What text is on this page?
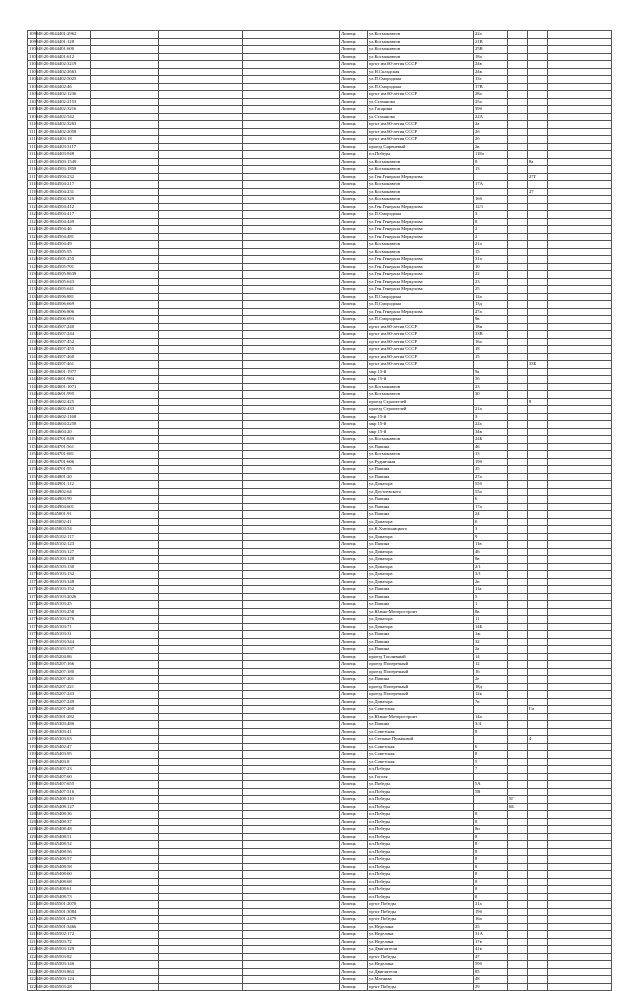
1098	48:20:0044401:2962				Липецк	ул.Космонавтов	22а			
1099	48:20:0044401:128				Липецк	ул.Космонавтов	21В			
1100	48:20:0044401:600				Липецк	ул.Космонавтов	25В			
1101	48:20:0044401:612				Липецк	ул.Космонавтов	18а			
1102	48:20:0044402:3219				Липецк	пр-кт им.60-летия СССР	24в			
1103	48:20:0044402:2663				Липецк	ул.Н.Складская	24в			
1104	48:20:0044402:5025				Липецк	ул.П.Смородина	13з			
1105	48:20:0044402:46				Липецк	ул.П.Смородина	17В			
1106	48:20:0044402:1236				Липецк	пр-кт им.60-летия СССР	28а			
1107	48:20:0044402:2153				Липецк	ул.Стаханова	25а			
1108	48:20:0044402:3216				Липецк	ул.Гагарина	39б			
1109	48:20:0044402:542				Липецк	ул.Стаханова	22А			
1110	48:20:0044402:3263				Липецк	пр-кт им.60-летия СССР	2а			
1111	48:20:0044402:2058				Липецк	пр-кт им.60-летия СССР	2б			
1112	48:20:0044403:18				Липецк	пр-кт им.60-летия СССР	2б			
1113	48:20:0044403:3117				Липецк	проезд Сиреневый	2в			
1114	48:20:0044403:948				Липецк	пл.Победы	118а			
1115	48:20:0044503:1549				Липецк	ул.Космонавтов	8		8а	
1116	48:20:0044503:1858				Липецк	ул.Космонавтов	13			
1117	48:20:0044504:232				Липецк	ул.Ген.Генерала Меркулова			27Г	
1118	48:20:0044504:217				Липецк	ул.Космонавтов	17А			
1119	48:20:0044504:231				Липецк	ул.Космонавтов			27	
1120	48:20:0044504:329				Липецк	ул.Космонавтов	16б			
1121	48:20:0044504:412				Липецк	ул.Ген.Генерала Меркулова	12/1			
1122	48:20:0044504:417				Липецк	ул.П.Смородина	3			
1123	48:20:0044504:449				Липецк	ул.Ген.Генерала Меркулова	8			
1124	48:20:0044504:46				Липецк	ул.Ген.Генерала Меркулова	2			
1125	48:20:0044504:481				Липецк	ул.Ген.Генерала Меркулова	2			
1126	48:20:0044504:49				Липецк	ул.Космонавтов	21а			
1127	48:20:0044505:55				Липецк	ул.Космонавтов	15			
1128	48:20:0044505:255				Липецк	ул.Ген.Генерала Меркулова	31а			
1129	48:20:0044505:701				Липецк	ул.Ген.Генерала Меркулова	10			
1130	48:20:0044505:8639				Липецк	ул.Ген.Генерала Меркулова	22			
1131	48:20:0044505:643				Липецк	ул.Ген.Генерала Меркулова	23			
1132	48:20:0044505:641				Липецк	ул.Ген.Генерала Меркулова	25			
1133	48:20:0044506:881				Липецк	ул.П.Смородина	12а			
1134	48:20:0044506:669				Липецк	ул.П.Смородина	13д			
1135	48:20:0044506:806				Липецк	ул.Ген.Генерала Меркулова	27а			
1136	48:20:0044506:693				Липецк	ул.П.Смородина	9в			
1137	48:20:0044507:240				Липецк	пр-кт им.60-летия СССР	18и			
1138	48:20:0044507:244				Липецк	пр-кт им.60-летия СССР	33В			
1139	48:20:0044507:452				Липецк	пр-кт им.60-летия СССР	16а			
1140	48:20:0044507:455				Липецк	пр-кт им.60-летия СССР	18			
1141	48:20:0044507:460				Липецк	пр-кт им.60-летия СССР	15			
1142	48:20:0044507:461				Липецк	пр-кт им.60-летия СССР			33Б	
1143	48:20:0044601:1977				Липецк	мкр 15-й	9а			
1144	48:20:0044601:984				Липецк	мкр 15-й	3б			
1145	48:20:0044601:1071				Липецк	ул.Космонавтов	23			
1146	48:20:0044601:995				Липецк	ул.Космонавтов	30			
1147	48:20:0044602:425				Липецк	проезд Строителей			8	
1148	48:20:0044602:433				Липецк	проезд Строителей	21а			
1149	48:20:0044602:1168				Липецк	мкр 15-й	3			
1150	48:20:0044604:2258				Липецк	мкр 15-й	22а			
1151	48:20:0044604:20				Липецк	мкр 15-й	34в			
1152	48:20:0044701:849				Липецк	ул.Космонавтов	24Б			
1153	48:20:0044701:561				Липецк	ул.Папина	46			
1154	48:20:0044701:681				Липецк	ул.Космонавтов	13			
1155	48:20:0044701:606				Липецк	ул.Рудничная	19б			
1156	48:20:0044701:95				Липецк	ул.Папина	35			
1157	48:20:0044801:20				Липецк	ул.Папина	27а			
1158	48:20:0044901:112				Липецк	ул.Доватора	55б			
1159	48:20:0044902:64				Липецк	ул.Достоевского	55а			
1160	48:20:0044903:99				Липецк	ул.Папина	6			
1161	48:20:0044904:601				Липецк	ул.Папина	17а			
1162	48:20:0045001:91				Липецк	ул.Папина	24			
1163	48:20:0045002:41				Липецк	ул.Доватора	6			
1164	48:20:0045003:54				Липецк	ул.К.Хмельницкого	3			
1165	48:20:0045102:117				Липецк	ул.Доватора	9			
1166	48:20:0045102:123				Липецк	ул.Папина	11в			
1167	48:20:0045103:127				Липецк	ул.Доватора	46			
1168	48:20:0045103:128				Липецк	ул.Доватора	8в			
1169	48:20:0045103:130				Липецк	ул.Доватора	2/1			
1170	48:20:0045103:132				Липецк	ул.Доватора	3/1			
1171	48:20:0045103:148				Липецк	ул.Доватора	2в			
1172	48:20:0045103:152				Липецк	ул.Папина	11а			
1173	48:20:0045103:2026				Липецк	ул.Папина	5			
1174	48:20:0045103:25				Липецк	ул.Папина	1			
1175	48:20:0045103:258				Липецк	ул.Южно-Моторостроит	8в			
1176	48:20:0045103:276				Липецк	ул.Доватора	11			
1177	48:20:0045103:71				Липецк	ул.Доватора	14Б			
1178	48:20:0045103:31				Липецк	ул.Папина	1ж			
1179	48:20:0045103:344				Липецк	ул.Папина	32			
1180	48:20:0045103:537				Липецк	ул.Папина	2а			
1181	48:20:0045204:86				Липецк	проезд Топливный	14			
1182	48:20:0045207:166				Липецк	проезд Поперечный	12			
1183	48:20:0045207:180				Липецк	проезд Поперечный	16			
1184	48:20:0045207:201				Липецк	ул.Папина	2е			
1185	48:20:0045207:221				Липецк	проезд Поперечный	18д			
1186	48:20:0045207:243				Липецк	проезд Поперечный	12к			
1187	48:20:0045207:249				Липецк	ул.Доватора	7в			
1188	48:20:0045207:260				Липецк	ул.Советская			Ги	
1189	48:20:0045301:282				Липецк	ул.Южно-Моторостроит	14а			
1190	48:20:0045303:486				Липецк	ул.Папина	3/4			
1191	48:20:0045303:41				Липецк	ул.Советская	8			
1192	48:20:0045303:63				Липецк	ул.Степана Пумаковой			4	
1193	48:20:0045402:47				Липецк	ул.Советская	6			
1194	48:20:0045403:95				Липецк	ул.Советская	8			
1195	48:20:0045403:8				Липецк	ул.Советская	5			
1196	48:20:0045407:23				Липецк	пл.Победы	7			
1197	48:20:0045407:60				Липецк	ул.Гоголя				
1198	48:20:0045407:655				Липецк	ул.Победы	5А			
1199	48:20:0045407:516				Липецк	пл.Победы	5В			
1200	48:20:0045408:110				Липецк	пл.Победы		5Г		
1201	48:20:0045408:127				Липецк	пл.Победы		6Б		
1202	48:20:0045408:36				Липецк	пл.Победы	8			
1203	48:20:0045408:37				Липецк	пл.Победы	8			
1204	48:20:0045408:48				Липецк	пл.Победы	8и			
1205	48:20:0045408:51				Липецк	пл.Победы	8			
1206	48:20:0045408:52				Липецк	пл.Победы	8			
1207	48:20:0045408:56				Липецк	пл.Победы	8			
1208	48:20:0045408:57				Липецк	пл.Победы	8			
1209	48:20:0045408:58				Липецк	пл.Победы	8			
1210	48:20:0045408:60				Липецк	пл.Победы	8			
1211	48:20:0045408:68				Липецк	пл.Победы	8			
1212	48:20:0045408:61				Липецк	пл.Победы	8			
1213	48:20:0045408:73				Липецк	пл.Победы	8			
1214	48:20:0045501:2070				Липецк	пр-кт Победы	21а			
1215	48:20:0045501:3084				Липецк	пр-кт Победы	19б			
1216	48:20:0045501:2479				Липецк	пр-кт Победы	16а			
1217	48:20:0045501:3466				Липецк	ул.Неделина	25			
1218	48:20:0045502:172				Липецк	ул.Неделина	31А			
1219	48:20:0045503:72				Липецк	ул.Неделина	17в			
1220	48:20:0045503:129				Липецк	ул.Двиглятели	41в			
1221	48:20:0045503:82				Липецк	пр-кт Победы	47			
1222	48:20:0045503:146				Липецк	ул.Неделина	59б			
1223	48:20:0045503:863				Липецк	ул.Двиглятели	85			
1224	48:20:0045503:124				Липецк	ул.Магнива	48			
1225	48:20:0045503:28				Липецк	пр-кт Победы	29			
